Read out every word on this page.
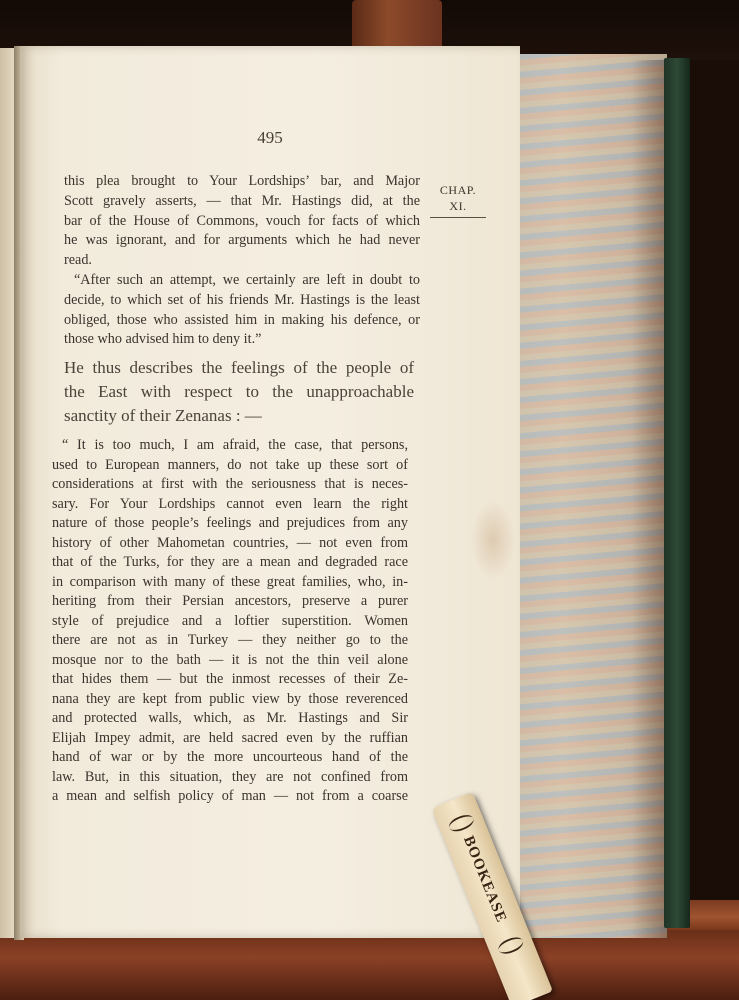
495
CHAP.
XI.
this plea brought to Your Lordships’ bar, and Major
Scott gravely asserts, — that Mr. Hastings did, at the
bar of the House of Commons, vouch for facts of which
he was ignorant, and for arguments which he had never
read.
“After such an attempt, we certainly are left in doubt to
decide, to which set of his friends Mr. Hastings is the least
obliged, those who assisted him in making his defence, or
those who advised him to deny it.”
He thus describes the feelings of the people of
the East with respect to the unapproachable
sanctity of their Zenanas : —
“ It is too much, I am afraid, the case, that persons,
used to European manners, do not take up these sort of
considerations at first with the seriousness that is neces-
sary. For Your Lordships cannot even learn the right
nature of those people’s feelings and prejudices from any
history of other Mahometan countries, — not even from
that of the Turks, for they are a mean and degraded race
in comparison with many of these great families, who, in-
heriting from their Persian ancestors, preserve a purer
style of prejudice and a loftier superstition. Women
there are not as in Turkey — they neither go to the
mosque nor to the bath — it is not the thin veil alone
that hides them — but the inmost recesses of their Ze-
nana they are kept from public view by those reverenced
and protected walls, which, as Mr. Hastings and Sir
Elijah Impey admit, are held sacred even by the ruffian
hand of war or by the more uncourteous hand of the
law. But, in this situation, they are not confined from
a mean and selfish policy of man — not from a coarse
BOOKEASE
